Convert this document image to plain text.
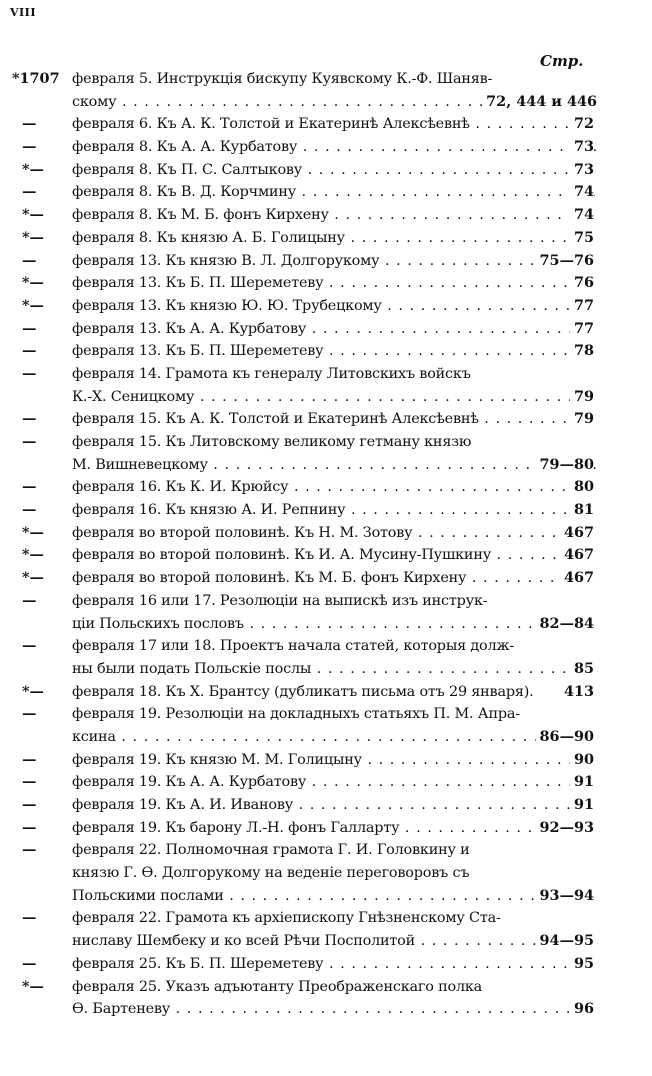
VIII
Стр.
*1707 февраля 5. Инструкція бискупу Куявскому К.-Ф. Шаняв-
скому . . .	72, 444 и 446
— февраля 6. Къ А. К. Толстой и Екатеринѣ Алексѣевнѣ . . .	72
— февраля 8. Къ А. А. Курбатову . . .	73
*— февраля 8. Къ П. С. Салтыкову . . .	73
— февраля 8. Къ В. Д. Корчмину . . .	74
*— февраля 8. Къ М. Б. фонъ Кирхену . . .	74
*— февраля 8. Къ князю А. Б. Голицыну . . .	75
— февраля 13. Къ князю В. Л. Долгорукому . . .	75—76
*— февраля 13. Къ Б. П. Шереметеву . . .	76
*— февраля 13. Къ князю Ю. Ю. Трубецкому . . .	77
— февраля 13. Къ А. А. Курбатову . . .	77
— февраля 13. Къ Б. П. Шереметеву . . .	78
— февраля 14. Грамота къ генералу Литовскихъ войскъ
К.-Х. Сеницкому . . .	79
— февраля 15. Къ А. К. Толстой и Екатеринѣ Алексѣевнѣ . . .	79
— февраля 15. Къ Литовскому великому гетману князю
М. Вишневецкому . . .	79—80
— февраля 16. Къ К. И. Крюйсу . . .	80
— февраля 16. Къ князю А. И. Репнину . . .	81
*— февраля во второй половинѣ. Къ Н. М. Зотову . . .	467
*— февраля во второй половинѣ. Къ И. А. Мусину-Пушкину . . .	467
*— февраля во второй половинѣ. Къ М. Б. фонъ Кирхену . . .	467
— февраля 16 или 17. Резолюціи на выпискѣ изъ инструк-
ціи Польскихъ пословъ . . .	82—84
— февраля 17 или 18. Проектъ начала статей, которыя долж-
ны были подать Польскіе послы . . .	85
*— февраля 18. Къ Х. Брантсу (дубликатъ письма отъ 29 января).	413
— февраля 19. Резолюціи на докладныхъ статьяхъ П. М. Апра-
ксина . . .	86—90
— февраля 19. Къ князю М. М. Голицыну . . .	90
— февраля 19. Къ А. А. Курбатову . . .	91
— февраля 19. Къ А. И. Иванову . . .	91
— февраля 19. Къ барону Л.-Н. фонъ Галларту . . .	92—93
— февраля 22. Полномочная грамота Г. И. Головкину и
князю Г. Ѳ. Долгорукому на веденіе переговоровъ съ
Польскими послами . . .	93—94
— февраля 22. Грамота къ архіепископу Гнѣзненскому Ста-
ниславу Шембеку и ко всей Рѣчи Посполитой . . .	94—95
— февраля 25. Къ Б. П. Шереметеву . . .	95
*— февраля 25. Указъ адъютанту Преображенскаго полка
Ѳ. Бартеневу . . .	96
